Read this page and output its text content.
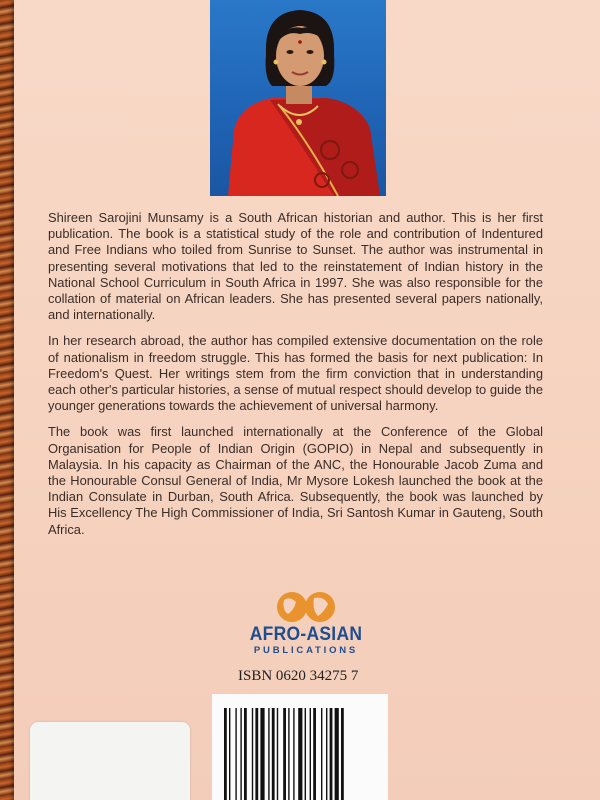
Shireen Sarojini Munsamy is a South African historian and author. This is her first publication. The book is a statistical study of the role and contribution of Indentured and Free Indians who toiled from Sunrise to Sunset. The author was instrumental in presenting several motivations that led to the reinstatement of Indian history in the National School Curriculum in South Africa in 1997. She was also responsible for the collation of material on African leaders. She has presented several papers nationally, and internationally.

In her research abroad, the author has compiled extensive documentation on the role of nationalism in freedom struggle. This has formed the basis for next publication: In Freedom's Quest. Her writings stem from the firm conviction that in understanding each other's particular histories, a sense of mutual respect should develop to guide the younger generations towards the achievement of universal harmony.

The book was first launched internationally at the Conference of the Global Organisation for People of Indian Origin (GOPIO) in Nepal and subsequently in Malaysia. In his capacity as Chairman of the ANC, the Honourable Jacob Zuma and the Honourable Consul General of India, Mr Mysore Lokesh launched the book at the Indian Consulate in Durban, South Africa. Subsequently, the book was launched by His Excellency The High Commissioner of India, Sri Santosh Kumar in Gauteng, South Africa.

AFRO-ASIAN
PUBLICATIONS
ISBN 0620 34275 7
